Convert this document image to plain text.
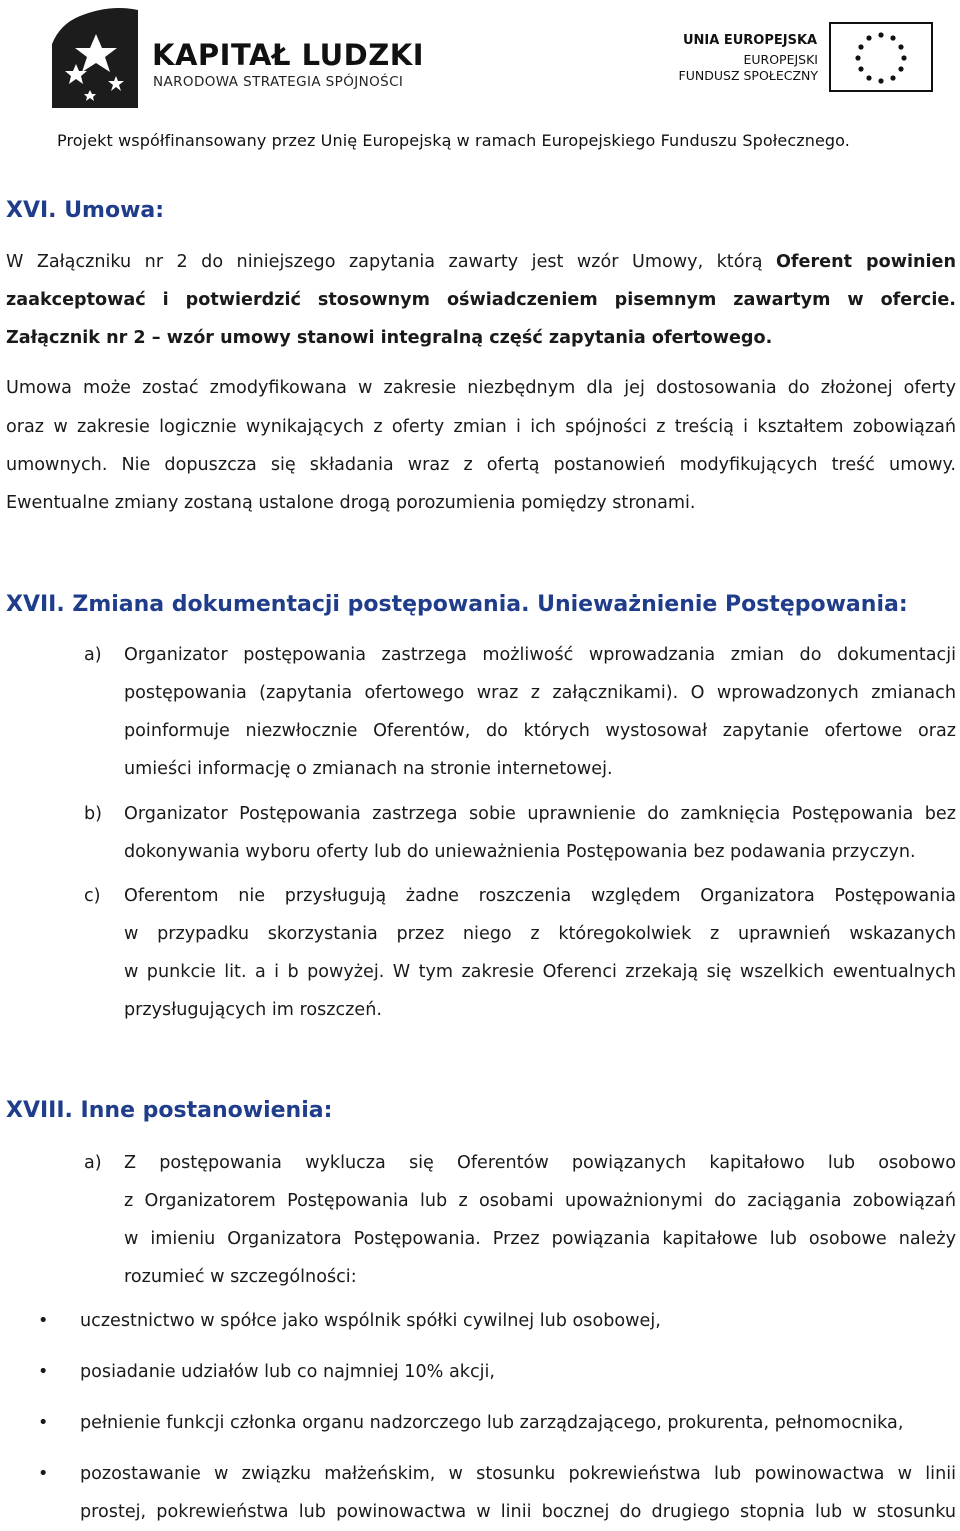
KAPITAŁ LUDZKI
NARODOWA STRATEGIA SPÓJNOŚCI
UNIA EUROPEJSKA
EUROPEJSKI
FUNDUSZ SPOŁECZNY
Projekt współfinansowany przez Unię Europejską w ramach Europejskiego Funduszu Społecznego.
XVI. Umowa:
W Załączniku nr 2 do niniejszego zapytania zawarty jest wzór Umowy, którą Oferent powinien
zaakceptować i potwierdzić stosownym oświadczeniem pisemnym zawartym w ofercie.
Załącznik nr 2 – wzór umowy stanowi integralną część zapytania ofertowego.
Umowa może zostać zmodyfikowana w zakresie niezbędnym dla jej dostosowania do złożonej oferty
oraz w zakresie logicznie wynikających z oferty zmian i ich spójności z treścią i kształtem zobowiązań
umownych. Nie dopuszcza się składania wraz z ofertą postanowień modyfikujących treść umowy.
Ewentualne zmiany zostaną ustalone drogą porozumienia pomiędzy stronami.
XVII. Zmiana dokumentacji postępowania. Unieważnienie Postępowania:
a) Organizator postępowania zastrzega możliwość wprowadzania zmian do dokumentacji
postępowania (zapytania ofertowego wraz z załącznikami). O wprowadzonych zmianach
poinformuje niezwłocznie Oferentów, do których wystosował zapytanie ofertowe oraz
umieści informację o zmianach na stronie internetowej.
b) Organizator Postępowania zastrzega sobie uprawnienie do zamknięcia Postępowania bez
dokonywania wyboru oferty lub do unieważnienia Postępowania bez podawania przyczyn.
c) Oferentom nie przysługują żadne roszczenia względem Organizatora Postępowania
w przypadku skorzystania przez niego z któregokolwiek z uprawnień wskazanych
w punkcie lit. a i b powyżej. W tym zakresie Oferenci zrzekają się wszelkich ewentualnych
przysługujących im roszczeń.
XVIII. Inne postanowienia:
a) Z postępowania wyklucza się Oferentów powiązanych kapitałowo lub osobowo
z Organizatorem Postępowania lub z osobami upoważnionymi do zaciągania zobowiązań
w imieniu Organizatora Postępowania. Przez powiązania kapitałowe lub osobowe należy
rozumieć w szczególności:
• uczestnictwo w spółce jako wspólnik spółki cywilnej lub osobowej,
• posiadanie udziałów lub co najmniej 10% akcji,
• pełnienie funkcji członka organu nadzorczego lub zarządzającego, prokurenta, pełnomocnika,
• pozostawanie w związku małżeńskim, w stosunku pokrewieństwa lub powinowactwa w linii
prostej, pokrewieństwa lub powinowactwa w linii bocznej do drugiego stopnia lub w stosunku
